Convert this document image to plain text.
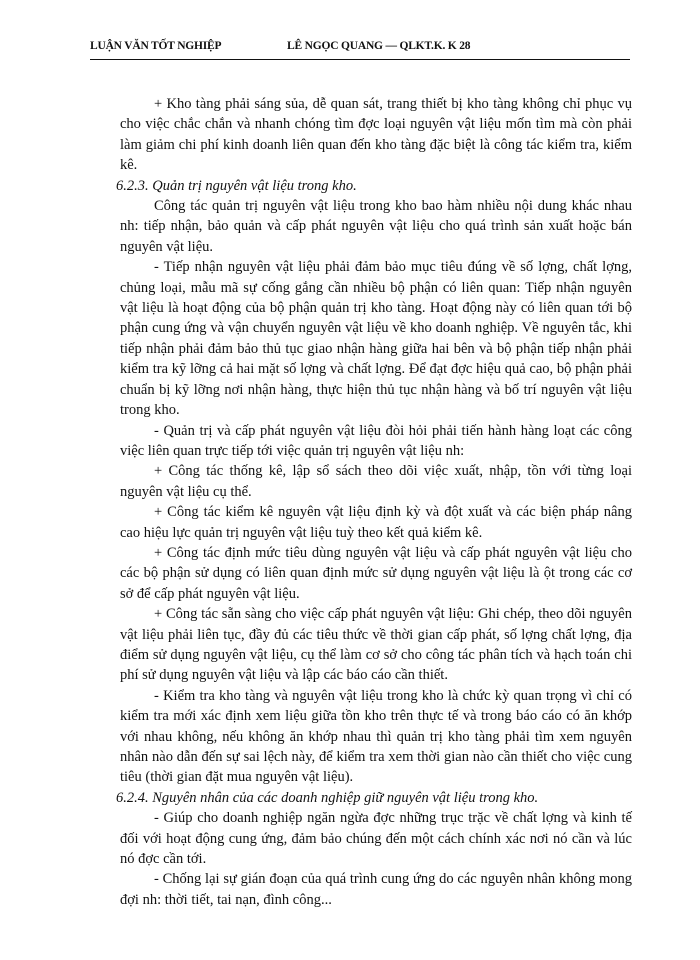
LUẬN VĂN TỐT NGHIỆP	LÊ NGỌC QUANG — QLKT.K. K 28

+ Kho tàng phải sáng sủa, dễ quan sát, trang thiết bị kho tàng không chỉ phục vụ cho việc chắc chắn và nhanh chóng tìm đợc loại nguyên vật liệu mốn tìm mà còn phải làm giảm chi phí kinh doanh liên quan đến kho tàng đặc biệt là công tác kiểm tra, kiểm kê.

6.2.3. Quản trị nguyên vật liệu trong kho.

Công tác quản trị nguyên vật liệu trong kho bao hàm nhiều nội dung khác nhau nh: tiếp nhận, bảo quản và cấp phát nguyên vật liệu cho quá trình sản xuất hoặc bán nguyên vật liệu.

- Tiếp nhận nguyên vật liệu phải đảm bảo mục tiêu đúng về số lợng, chất lợng, chủng loại, mẫu mã sự cống gắng cần nhiều bộ phận có liên quan: Tiếp nhận nguyên vật liệu là hoạt động của bộ phận quản trị kho tàng. Hoạt động này có liên quan tới bộ phận cung ứng và vận chuyển nguyên vật liệu về kho doanh nghiệp. Về nguyên tắc, khi tiếp nhận phải đảm bảo thủ tục giao nhận hàng giữa hai bên và bộ phận tiếp nhận phải kiểm tra kỹ lỡng cả hai mặt số lợng và chất lợng. Để đạt đợc hiệu quả cao, bộ phận phải chuẩn bị kỹ lỡng nơi nhận hàng, thực hiện thủ tục nhận hàng và bố trí nguyên vật liệu trong kho.

- Quản trị và cấp phát nguyên vật liệu đòi hỏi phải tiến hành hàng loạt các công việc liên quan trực tiếp tới việc quản trị nguyên vật liệu nh:

+ Công tác thống kê, lập sổ sách theo dõi việc xuất, nhập, tồn với từng loại nguyên vật liệu cụ thể.

+ Công tác kiểm kê nguyên vật liệu định kỳ và đột xuất và các biện pháp nâng cao hiệu lực quản trị nguyên vật liệu tuỳ theo kết quả kiểm kê.

+ Công tác định mức tiêu dùng nguyên vật liệu và cấp phát nguyên vật liệu cho các bộ phận sử dụng có liên quan định mức sử dụng nguyên vật liệu là ột trong các cơ sở để cấp phát nguyên vật liệu.

+ Công tác sẵn sàng cho việc cấp phát nguyên vật liệu: Ghi chép, theo dõi nguyên vật liệu phải liên tục, đầy đủ các tiêu thức về thời gian cấp phát, số lợng chất lợng, địa điểm sử dụng nguyên vật liệu, cụ thể làm cơ sở cho công tác phân tích và hạch toán chi phí sử dụng nguyên vật liệu và lập các báo cáo cần thiết.

- Kiểm tra kho tàng và nguyên vật liệu trong kho là chức kỳ quan trọng vì chỉ có kiểm tra mới xác định xem liệu giữa tồn kho trên thực tế và trong báo cáo có ăn khớp với nhau không, nếu không ăn khớp nhau thì quản trị kho tàng phải tìm xem nguyên nhân nào dẫn đến sự sai lệch này, để kiểm tra xem thời gian nào cần thiết cho việc cung tiêu (thời gian đặt mua nguyên vật liệu).

6.2.4. Nguyên nhân của các doanh nghiệp giữ nguyên vật liệu trong kho.

- Giúp cho doanh nghiệp ngăn ngừa đợc những trục trặc về chất lợng và kinh tế đối với hoạt động cung ứng, đảm bảo chúng đến một cách chính xác nơi nó cần và lúc nó đợc cần tới.

- Chống lại sự gián đoạn của quá trình cung ứng do các nguyên nhân không mong đợi nh: thời tiết, tai nạn, đình công...
